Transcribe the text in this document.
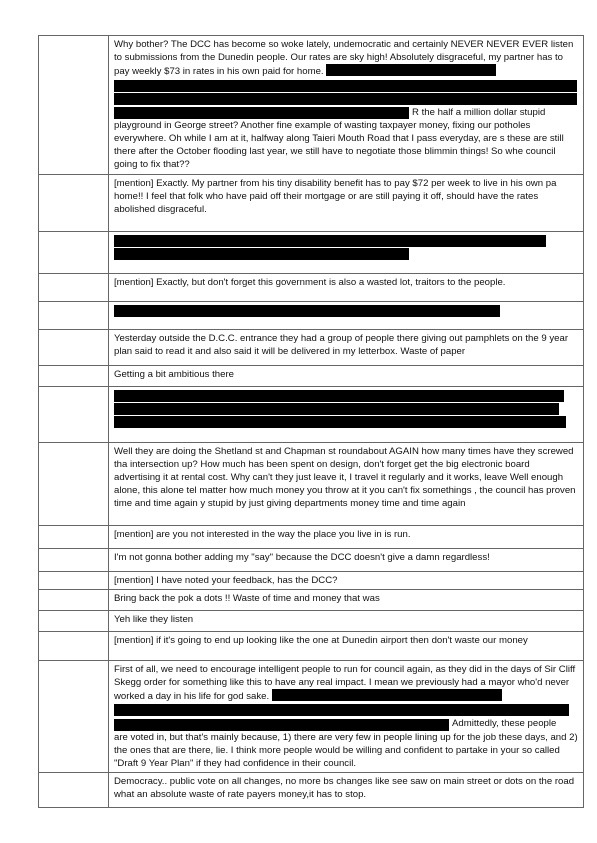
	Why bother? The DCC has become so woke lately, undemocratic and certainly NEVER NEVER EVER listen to submissions from the Dunedin people. Our rates are sky high! Absolutely disgraceful, my partner has to pay weekly $73 in rates in his own paid for home.
R the half a million dollar stupid
playground in George street? Another fine example of wasting taxpayer money, fixing our potholes everywhere. Oh while I am at it, halfway along Taieri Mouth Road that I pass everyday, are s these are still there after the October flooding last year, we still have to negotiate those blimmin things! So whe council going to fix that??
	[mention] Exactly. My partner from his tiny disability benefit has to pay $72 per week to live in his own pa home!! I feel that folk who have paid off their mortgage or are still paying it off, should have the rates abolished disgraceful.

	[mention] Exactly, but don't forget this government is also a wasted lot, traitors to the people.

	Yesterday outside the D.C.C. entrance they had a group of people there giving out pamphlets on the 9 year plan said to read it and also said it will be delivered in my letterbox. Waste of paper
	Getting a bit ambitious there

	Well they are doing the Shetland st and Chapman st roundabout AGAIN how many times have they screwed tha intersection up? How much has been spent on design, don't forget get the big electronic board advertising it at rental cost. Why can't they just leave it, I travel it regularly and it works, leave Well enough alone, this alone tel matter how much money you throw at it you can't fix somethings , the council has proven time and time again y stupid by just giving departments money time and time again
	[mention] are you not interested in the way the place you live in is run.
	I'm not gonna bother adding my "say" because the DCC doesn't give a damn regardless!
	[mention] I have noted your feedback, has the DCC?
	Bring back the pok a dots !! Waste of time and money that was
	Yeh like they listen
	[mention] if it's going to end up looking like the one at Dunedin airport then don't waste our money
	First of all, we need to encourage intelligent people to run for council again, as they did in the days of Sir Cliff Skegg order for something like this to have any real impact. I mean we previously had a mayor who'd never worked a day in his life for god sake.
Admittedly, these people
are voted in, but that's mainly because, 1) there are very few in people lining up for the job these days, and 2) the ones that are there, lie. I think more people would be willing and confident to partake in your so called "Draft 9 Year Plan" if they had confidence in their council.
	Democracy.. public vote on all changes, no more bs changes like see saw on main street or dots on the road what an absolute waste of rate payers money,it has to stop.
